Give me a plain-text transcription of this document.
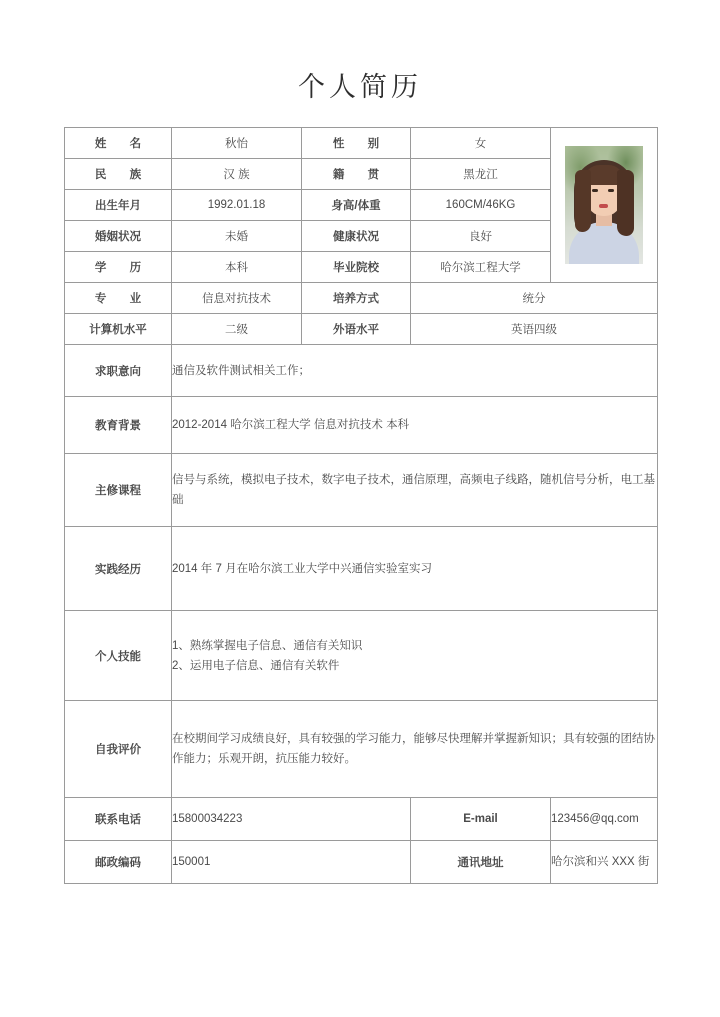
个人简历
姓 名	秋怡	性 别	女	

民 族	汉 族	籍 贯	黑龙江	
出生年月	1992.01.18	身高/体重	160CM/46KG	
婚姻状况	未婚	健康状况	良好	
学 历	本科	毕业院校	哈尔滨工程大学	
专 业	信息对抗技术	培养方式	统分	
计算机水平	二级	外语水平	英语四级	
求职意向	通信及软件测试相关工作；			
教育背景	2012-2014 哈尔滨工程大学 信息对抗技术 本科			
主修课程	信号与系统，模拟电子技术，数字电子技术，通信原理，高频电子线路，随机信号分析，电工基础			
实践经历	2014 年 7 月在哈尔滨工业大学中兴通信实验室实习			
个人技能	1、熟练掌握电子信息、通信有关知识
2、运用电子信息、通信有关软件			

自我评价	在校期间学习成绩良好，具有较强的学习能力，能够尽快理解并掌握新知识；具有较强的团结协作能力；乐观开朗，抗压能力较好。			
联系电话	15800034223		E-mail	123456@qq.com
邮政编码	150001		通讯地址	哈尔滨和兴 XXX 街
